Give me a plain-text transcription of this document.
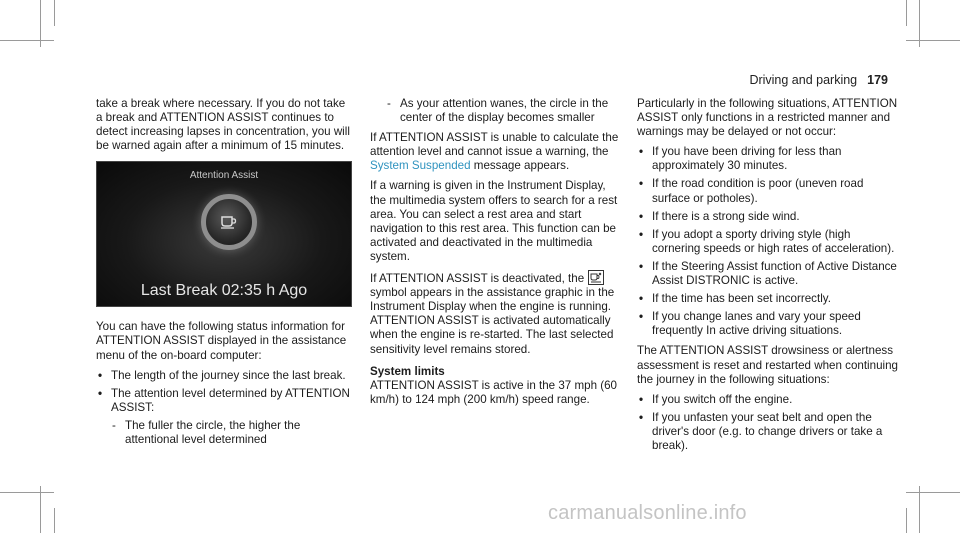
Driving and parking 179

take a break where necessary. If you do not take a break and ATTENTION ASSIST continues to detect increasing lapses in concentration, you will be warned again after a minimum of 15 minutes.

Attention Assist
Last Break 02:35 h Ago

You can have the following status information for ATTENTION ASSIST displayed in the assistance menu of the on-board computer:

• The length of the journey since the last break.
• The attention level determined by ATTENTION ASSIST:
- The fuller the circle, the higher the attentional level determined
- As your attention wanes, the circle in the center of the display becomes smaller

If ATTENTION ASSIST is unable to calculate the attention level and cannot issue a warning, the System Suspended message appears.

If a warning is given in the Instrument Display, the multimedia system offers to search for a rest area. You can select a rest area and start navigation to this rest area. This function can be activated and deactivated in the multimedia system.

If ATTENTION ASSIST is deactivated, the
symbol appears in the assistance graphic in the Instrument Display when the engine is running. ATTENTION ASSIST is activated automatically when the engine is re-started. The last selected sensitivity level remains stored.

System limits

ATTENTION ASSIST is active in the 37 mph (60 km/h) to 124 mph (200 km/h) speed range.

Particularly in the following situations, ATTENTION ASSIST only functions in a restricted manner and warnings may be delayed or not occur:

• If you have been driving for less than approximately 30 minutes.
• If the road condition is poor (uneven road surface or potholes).
• If there is a strong side wind.
• If you adopt a sporty driving style (high cornering speeds or high rates of acceleration).
• If the Steering Assist function of Active Distance Assist DISTRONIC is active.
• If the time has been set incorrectly.
• If you change lanes and vary your speed frequently In active driving situations.

The ATTENTION ASSIST drowsiness or alertness assessment is reset and restarted when continuing the journey in the following situations:

• If you switch off the engine.
• If you unfasten your seat belt and open the driver's door (e.g. to change drivers or take a break).
carmanualsonline.info
